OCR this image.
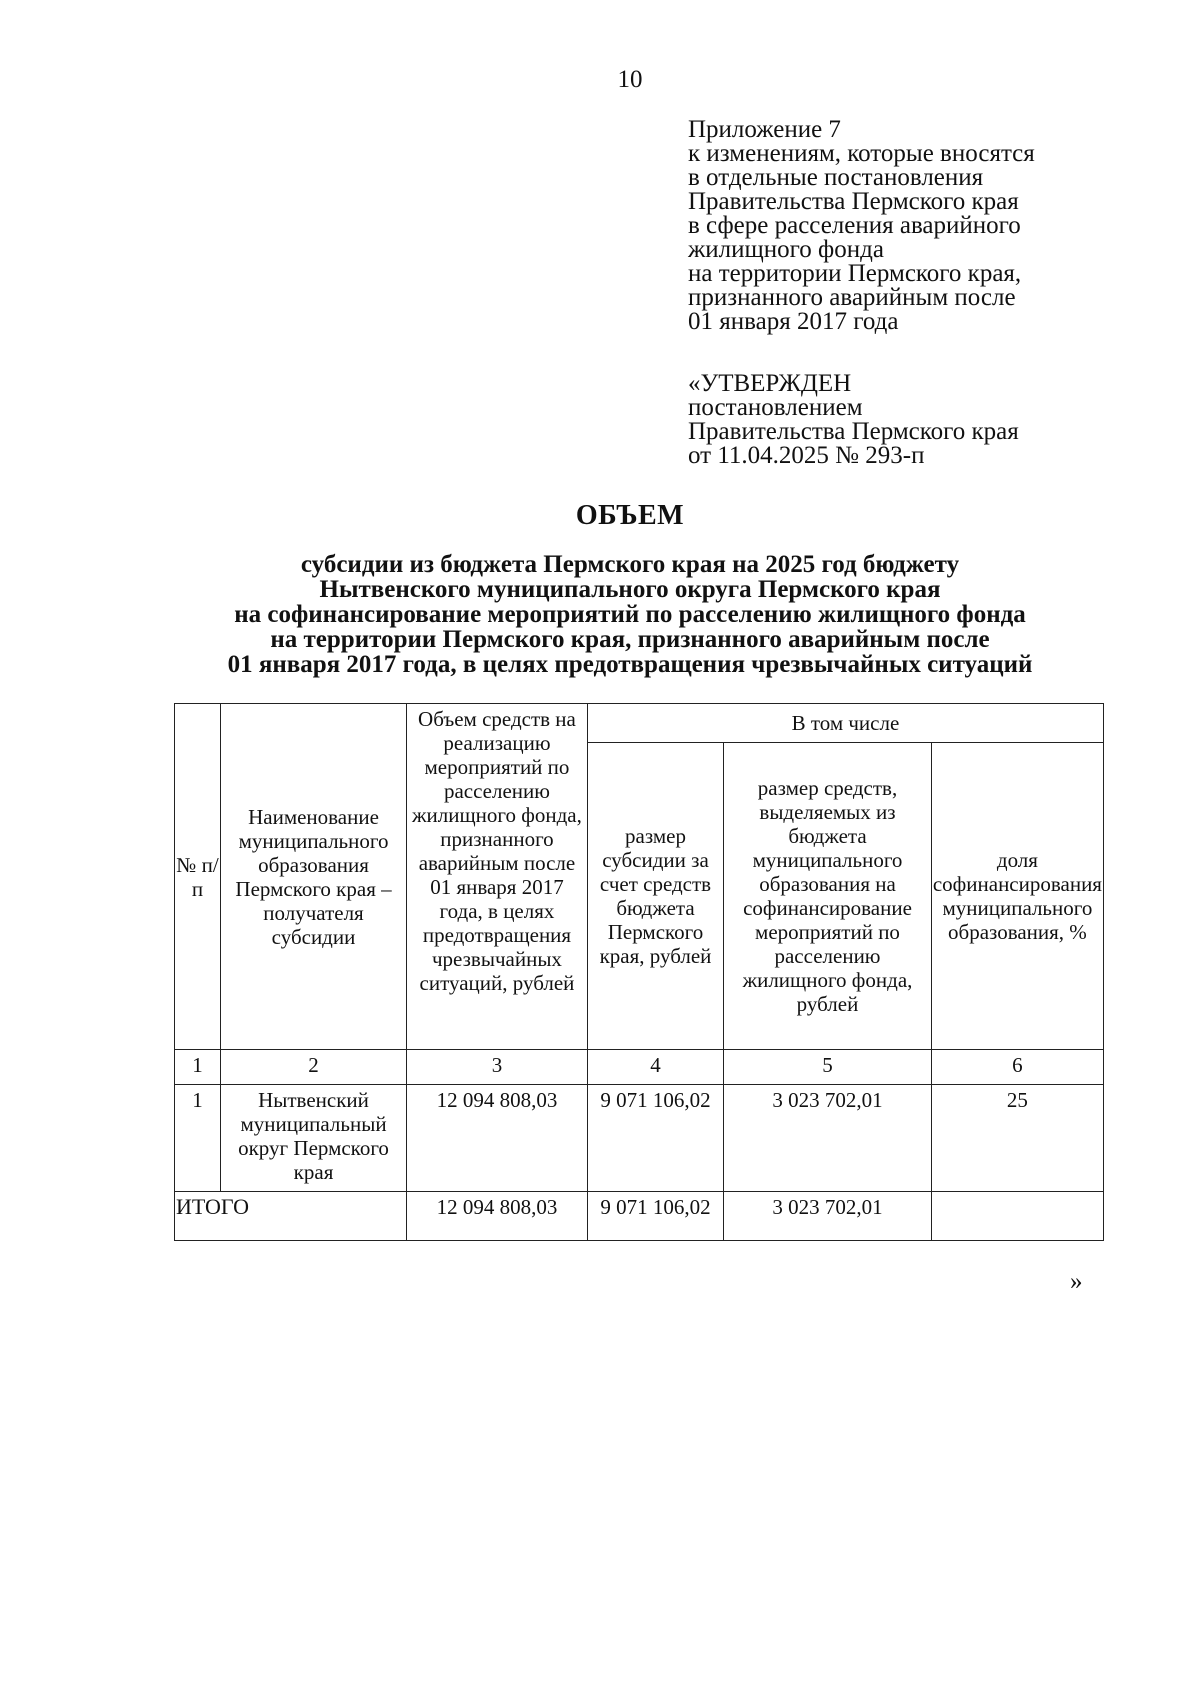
10
Приложение 7
к изменениям, которые вносятся
в отдельные постановления
Правительства Пермского края
в сфере расселения аварийного
жилищного фонда
на территории Пермского края,
признанного аварийным после
01 января 2017 года
«УТВЕРЖДЕН
постановлением
Правительства Пермского края
от 11.04.2025 № 293-п
ОБЪЕМ
субсидии из бюджета Пермского края на 2025 год бюджету
Нытвенского муниципального округа Пермского края
на софинансирование мероприятий по расселению жилищного фонда
на территории Пермского края, признанного аварийным после
01 января 2017 года, в целях предотвращения чрезвычайных ситуаций
№ п/п	Наименование муниципального образования Пермского края – получателя субсидии	Объем средств на реализацию мероприятий по расселению жилищного фонда, признанного аварийным после 01 января 2017 года, в целях предотвращения чрезвычайных ситуаций, рублей	В том числе		
			размер субсидии за счет средств бюджета Пермского края, рублей	размер средств, выделяемых из бюджета муниципального образования на софинансирование мероприятий по расселению жилищного фонда, рублей	доля софинансирования муниципального образования, %
1	2	3	4	5	6
1	Нытвенский муниципальный округ Пермского края	12 094 808,03	9 071 106,02	3 023 702,01	25
ИТОГО		12 094 808,03	9 071 106,02	3 023 702,01	
»
